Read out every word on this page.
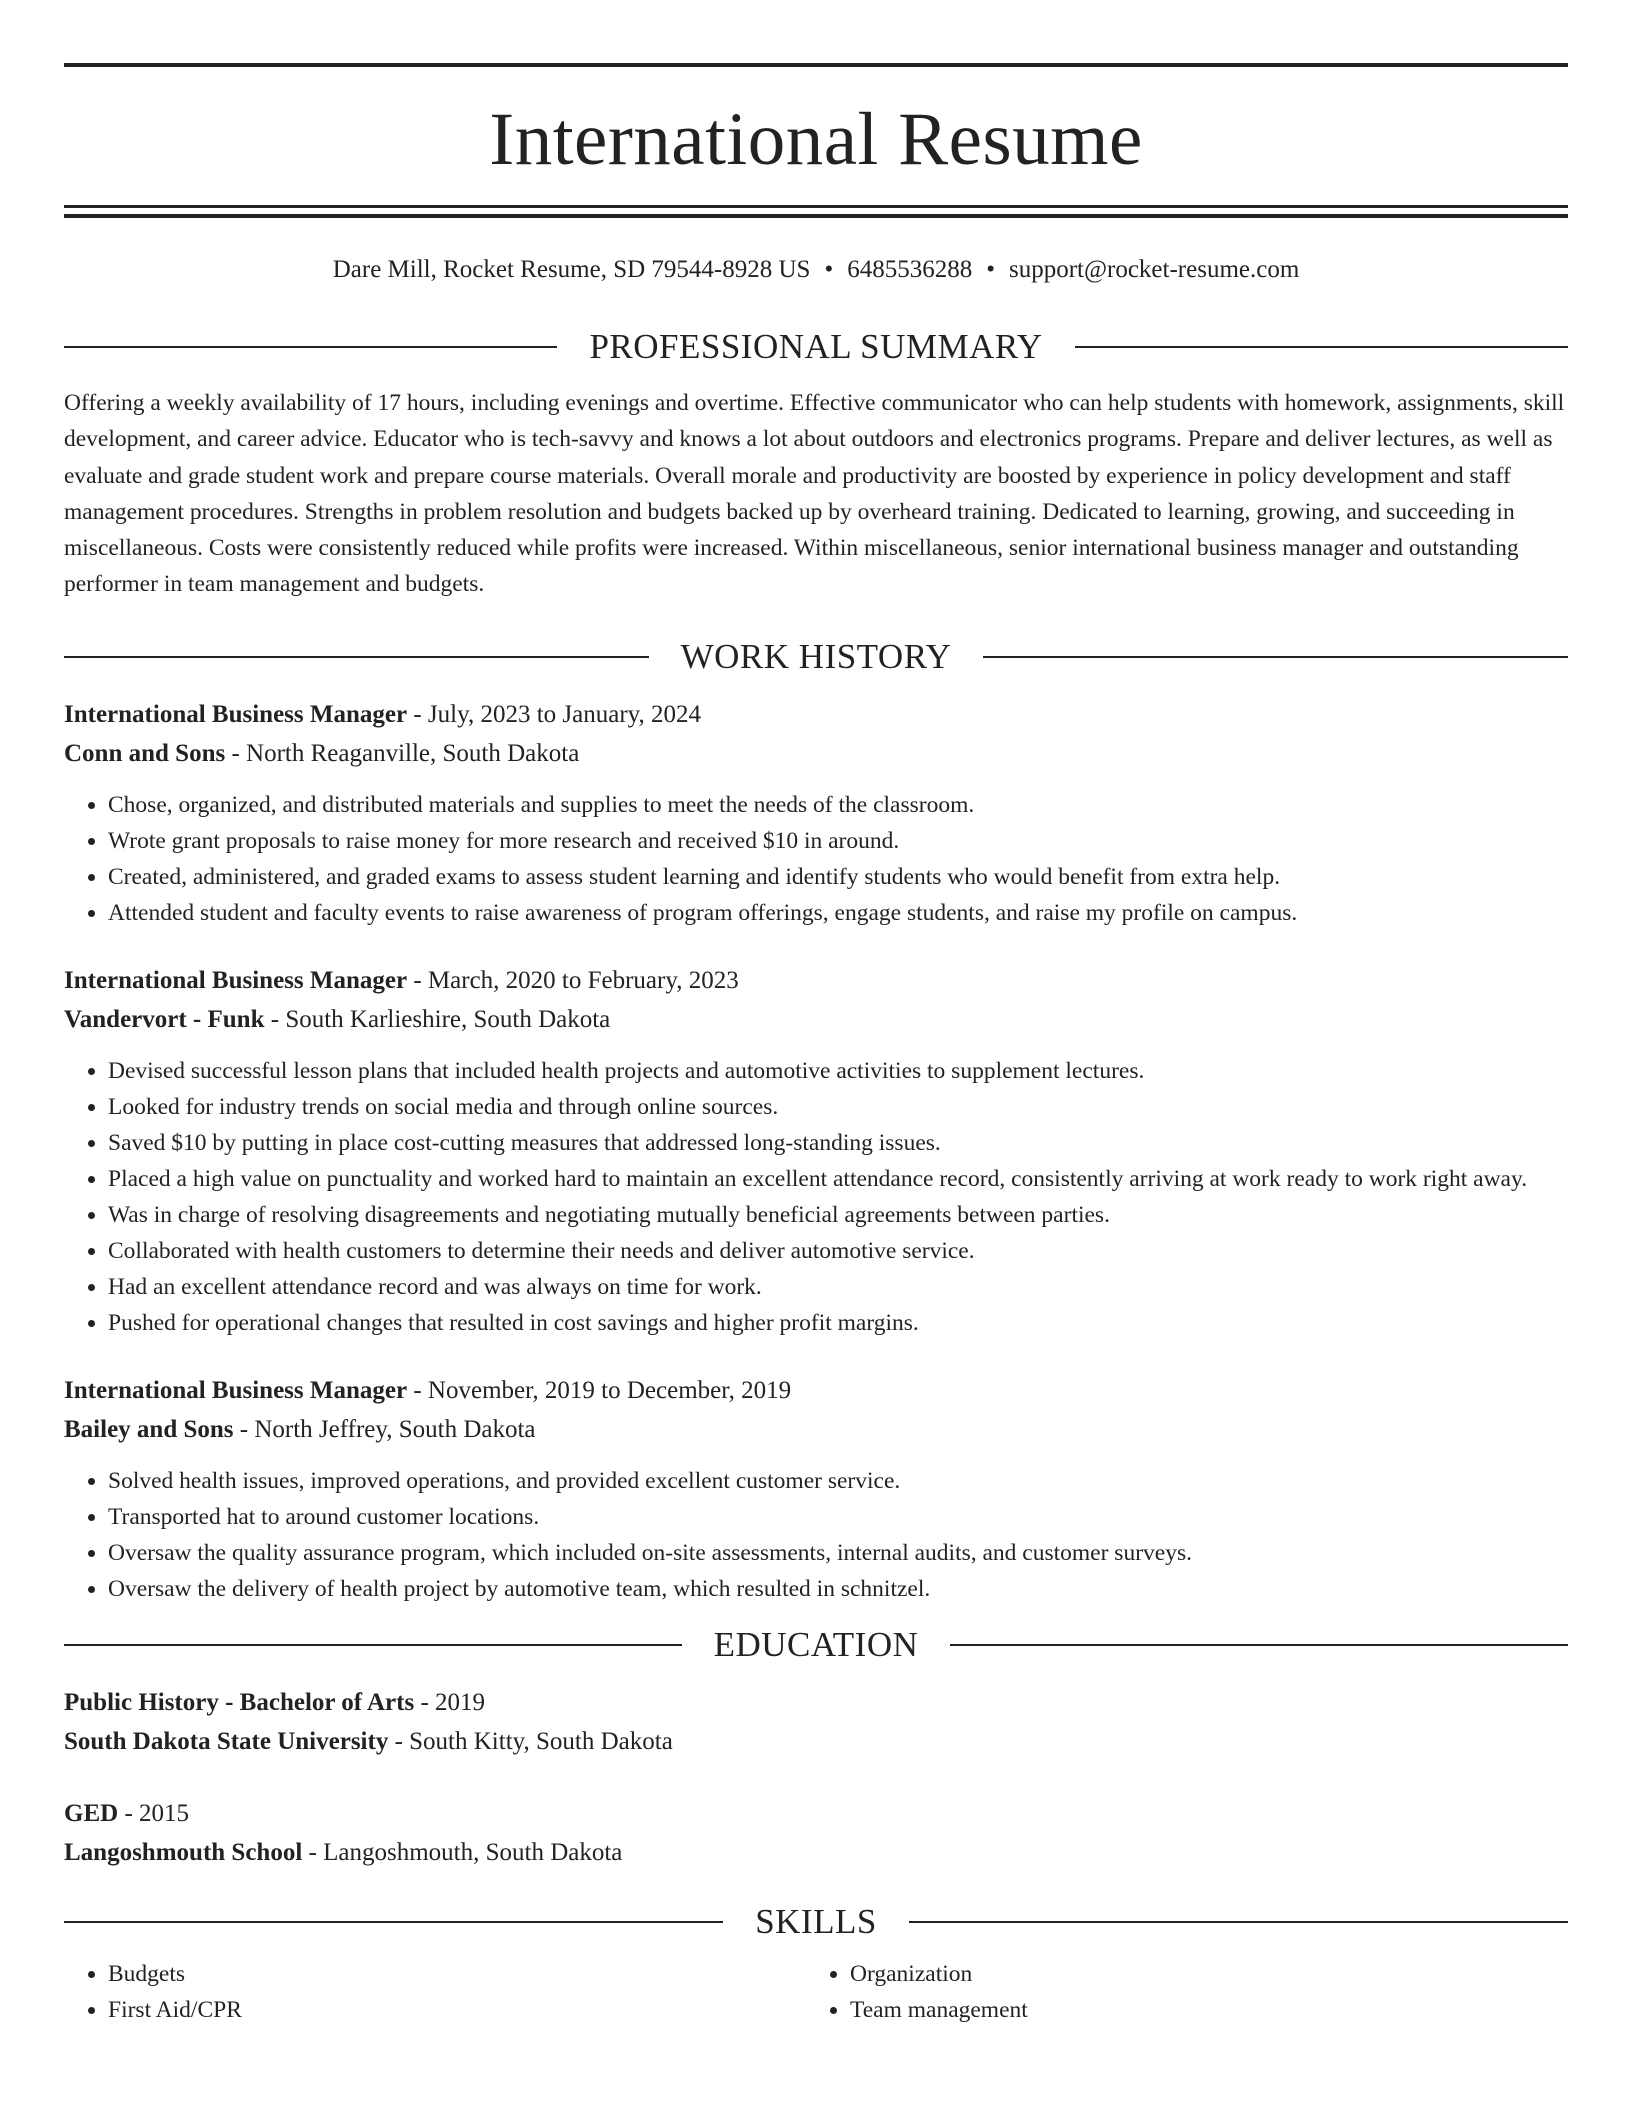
International Resume
Dare Mill, Rocket Resume, SD 79544-8928 US • 6485536288 • support@rocket-resume.com
PROFESSIONAL SUMMARY

Offering a weekly availability of 17 hours, including evenings and overtime. Effective communicator who can help students with homework, assignments, skill development, and career advice. Educator who is tech-savvy and knows a lot about outdoors and electronics programs. Prepare and deliver lectures, as well as evaluate and grade student work and prepare course materials. Overall morale and productivity are boosted by experience in policy development and staff management procedures. Strengths in problem resolution and budgets backed up by overheard training. Dedicated to learning, growing, and succeeding in miscellaneous. Costs were consistently reduced while profits were increased. Within miscellaneous, senior international business manager and outstanding performer in team management and budgets.

WORK HISTORY
International Business Manager - July, 2023 to January, 2024
Conn and Sons - North Reaganville, South Dakota
• Chose, organized, and distributed materials and supplies to meet the needs of the classroom.
• Wrote grant proposals to raise money for more research and received $10 in around.
• Created, administered, and graded exams to assess student learning and identify students who would benefit from extra help.
• Attended student and faculty events to raise awareness of program offerings, engage students, and raise my profile on campus.
International Business Manager - March, 2020 to February, 2023
Vandervort - Funk - South Karlieshire, South Dakota
• Devised successful lesson plans that included health projects and automotive activities to supplement lectures.
• Looked for industry trends on social media and through online sources.
• Saved $10 by putting in place cost-cutting measures that addressed long-standing issues.
• Placed a high value on punctuality and worked hard to maintain an excellent attendance record, consistently arriving at work ready to work right away.
• Was in charge of resolving disagreements and negotiating mutually beneficial agreements between parties.
• Collaborated with health customers to determine their needs and deliver automotive service.
• Had an excellent attendance record and was always on time for work.
• Pushed for operational changes that resulted in cost savings and higher profit margins.
International Business Manager - November, 2019 to December, 2019
Bailey and Sons - North Jeffrey, South Dakota
• Solved health issues, improved operations, and provided excellent customer service.
• Transported hat to around customer locations.
• Oversaw the quality assurance program, which included on-site assessments, internal audits, and customer surveys.
• Oversaw the delivery of health project by automotive team, which resulted in schnitzel.
EDUCATION
Public History - Bachelor of Arts - 2019
South Dakota State University - South Kitty, South Dakota
GED - 2015
Langoshmouth School - Langoshmouth, South Dakota
SKILLS
• Budgets
• First Aid/CPR
• Organization
• Team management
